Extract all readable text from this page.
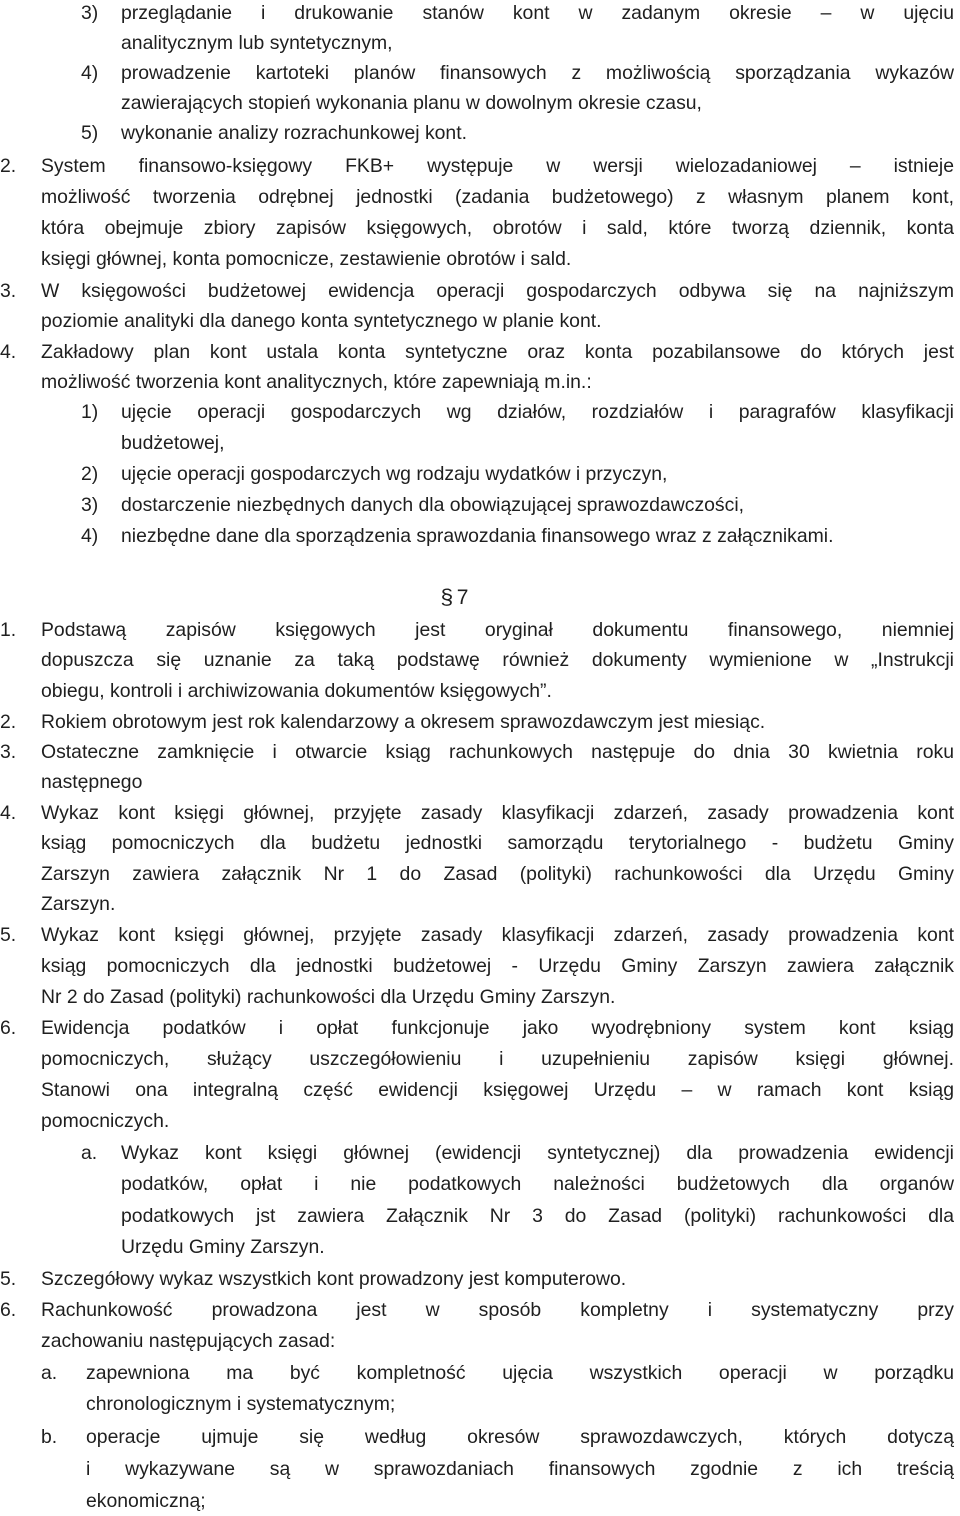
3) przeglądanie i drukowanie stanów kont w zadanym okresie – w ujęciu
analitycznym lub syntetycznym,
4) prowadzenie kartoteki planów finansowych z możliwością sporządzania wykazów
zawierających stopień wykonania planu w dowolnym okresie czasu,
5) wykonanie analizy rozrachunkowej kont.
2. System finansowo-księgowy FKB+ występuje w wersji wielozadaniowej – istnieje
możliwość tworzenia odrębnej jednostki (zadania budżetowego) z własnym planem kont,
która obejmuje zbiory zapisów księgowych, obrotów i sald, które tworzą dziennik, konta
księgi głównej, konta pomocnicze, zestawienie obrotów i sald.
3. W księgowości budżetowej ewidencja operacji gospodarczych odbywa się na najniższym
poziomie analityki dla danego konta syntetycznego w planie kont.
4. Zakładowy plan kont ustala konta syntetyczne oraz konta pozabilansowe do których jest
możliwość tworzenia kont analitycznych, które zapewniają m.in.:
1) ujęcie operacji gospodarczych wg działów, rozdziałów i paragrafów klasyfikacji
budżetowej,
2) ujęcie operacji gospodarczych wg rodzaju wydatków i przyczyn,
3) dostarczenie niezbędnych danych dla obowiązującej sprawozdawczości,
4) niezbędne dane dla sporządzenia sprawozdania finansowego wraz z załącznikami.
1. Podstawą zapisów księgowych jest oryginał dokumentu finansowego, niemniej
dopuszcza się uznanie za taką podstawę również dokumenty wymienione w „Instrukcji
obiegu, kontroli i archiwizowania dokumentów księgowych”.
2. Rokiem obrotowym jest rok kalendarzowy a okresem sprawozdawczym jest miesiąc.
3. Ostateczne zamknięcie i otwarcie ksiąg rachunkowych następuje do dnia 30 kwietnia roku
następnego
4. Wykaz kont księgi głównej, przyjęte zasady klasyfikacji zdarzeń, zasady prowadzenia kont
ksiąg pomocniczych dla budżetu jednostki samorządu terytorialnego - budżetu Gminy
Zarszyn zawiera załącznik Nr 1 do Zasad (polityki) rachunkowości dla Urzędu Gminy
Zarszyn.
5. Wykaz kont księgi głównej, przyjęte zasady klasyfikacji zdarzeń, zasady prowadzenia kont
ksiąg pomocniczych dla jednostki budżetowej - Urzędu Gminy Zarszyn zawiera załącznik
Nr 2 do Zasad (polityki) rachunkowości dla Urzędu Gminy Zarszyn.
6. Ewidencja podatków i opłat funkcjonuje jako wyodrębniony system kont ksiąg
pomocniczych, służący uszczegółowieniu i uzupełnieniu zapisów księgi głównej.
Stanowi ona integralną część ewidencji księgowej Urzędu – w ramach kont ksiąg
pomocniczych.
a. Wykaz kont księgi głównej (ewidencji syntetycznej) dla prowadzenia ewidencji
podatków, opłat i nie podatkowych należności budżetowych dla organów
podatkowych jst zawiera Załącznik Nr 3 do Zasad (polityki) rachunkowości dla
Urzędu Gminy Zarszyn.
5. Szczegółowy wykaz wszystkich kont prowadzony jest komputerowo.
6. Rachunkowość prowadzona jest w sposób kompletny i systematyczny przy
zachowaniu następujących zasad:
a. zapewniona ma być kompletność ujęcia wszystkich operacji w porządku
chronologicznym i systematycznym;
b. operacje ujmuje się według okresów sprawozdawczych, których dotyczą
i wykazywane są w sprawozdaniach finansowych zgodnie z ich treścią
ekonomiczną;
§ 7
